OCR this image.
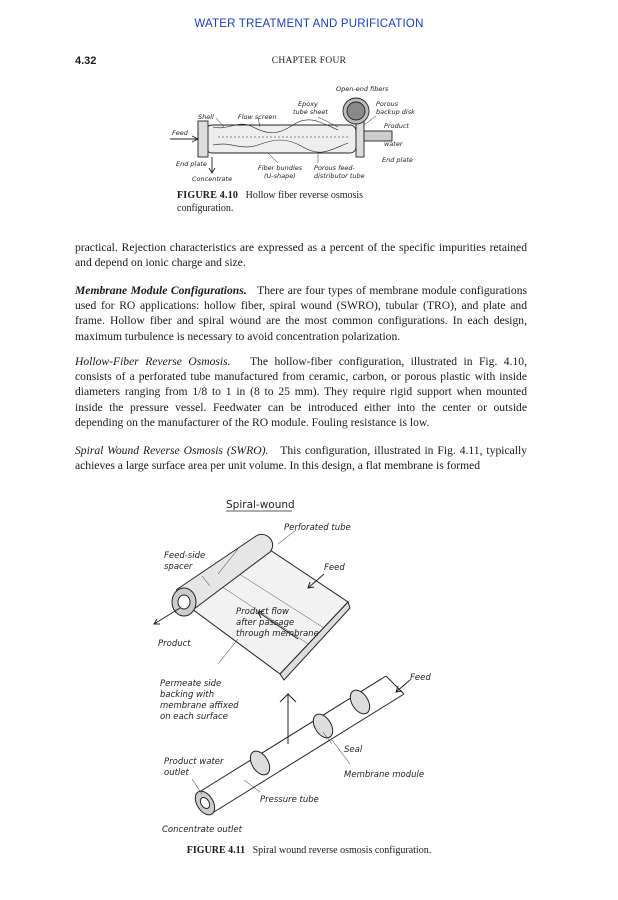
WATER TREATMENT AND PURIFICATION
4.32	CHAPTER FOUR
Open-end fibers
Epoxy
tube sheet
Porous
backup disk
Shell	Flow screen
Feed
Product
water
End plate	End plate
Fiber bundles
(U-shape)
Porous feed-
distributor tube
Concentrate
FIGURE 4.10 Hollow fiber reverse osmosis configuration.

practical. Rejection characteristics are expressed as a percent of the specific impurities retained and depend on ionic charge and size.

Membrane Module Configurations. There are four types of membrane module configurations used for RO applications: hollow fiber, spiral wound (SWRO), tubular (TRO), and plate and frame. Hollow fiber and spiral wound are the most common configurations. In each design, maximum turbulence is necessary to avoid concentration polarization.

Hollow-Fiber Reverse Osmosis. The hollow-fiber configuration, illustrated in Fig. 4.10, consists of a perforated tube manufactured from ceramic, carbon, or porous plastic with inside diameters ranging from 1/8 to 1 in (8 to 25 mm). They require rigid support when mounted inside the pressure vessel. Feedwater can be introduced either into the center or outside depending on the manufacturer of the RO module. Fouling resistance is low.

Spiral Wound Reverse Osmosis (SWRO). This configuration, illustrated in Fig. 4.11, typically achieves a large surface area per unit volume. In this design, a flat membrane is formed

Spiral-wound
Perforated tube
Feed-side
spacer	Feed
Product flow
after passage
through membrane
Product
Permeate side
backing with
membrane affixed
on each surface
Feed
Product water
outlet
Seal
Membrane module
Pressure tube
Concentrate outlet
FIGURE 4.11 Spiral wound reverse osmosis configuration.
